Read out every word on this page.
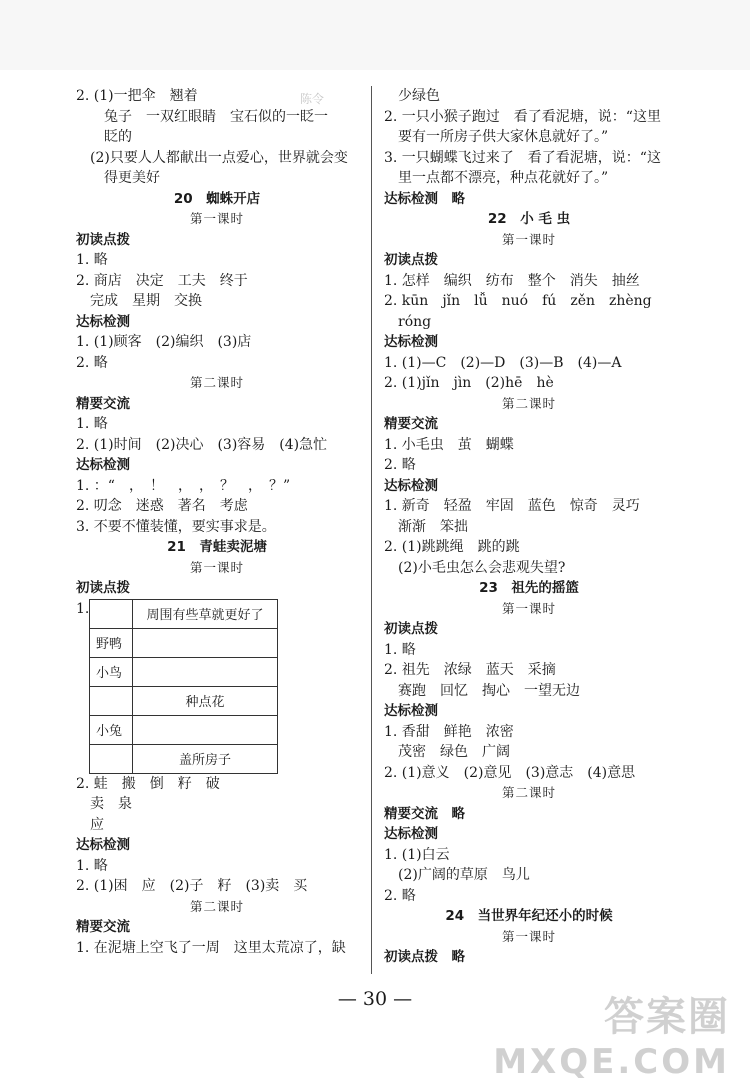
陈令
2. (1)一把伞　翘着
兔子　一双红眼睛　宝石似的一眨一
眨的
(2)只要人人都献出一点爱心，世界就会变
得更美好
20　蜘蛛开店
第一课时
初读点拨
1. 略
2. 商店　决定　工夫　终于
完成　星期　交换
达标检测
1. (1)顾客　(2)编织　(3)店
2. 略
第二课时
精要交流
1. 略
2. (1)时间　(2)决心　(3)容易　(4)急忙
达标检测
1. ：“　，　！　，　，　？　，　？”
2. 叨念　迷惑　著名　考虑
3. 不要不懂装懂，要实事求是。
21　青蛙卖泥塘
第一课时
初读点拨
1.
		周围有些草就更好了
野鸭	
小鸟	
	种点花
小兔	
	盖所房子
2. 蛙　搬　倒　籽　破
卖　泉
应
达标检测
1. 略
2. (1)困　应　(2)子　籽　(3)卖　买
第二课时
精要交流
1. 在泥塘上空飞了一周　这里太荒凉了，缺
少绿色
2. 一只小猴子跑过　看了看泥塘，说：“这里
要有一所房子供大家休息就好了。”
3. 一只蝴蝶飞过来了　看了看泥塘，说：“这
里一点都不漂亮，种点花就好了。”
达标检测　略
22　小 毛 虫
第一课时
初读点拨
1. 怎样　编织　纺布　整个　消失　抽丝
2. kūn　jǐn　lǚ　nuó　fú　zěn　zhèng
róng
达标检测
1. (1)—C　(2)—D　(3)—B　(4)—A
2. (1)jǐn　jìn　(2)hē　hè
第二课时
精要交流
1. 小毛虫　茧　蝴蝶
2. 略
达标检测
1. 新奇　轻盈　牢固　蓝色　惊奇　灵巧
渐渐　笨拙
2. (1)跳跳绳　跳的跳
(2)小毛虫怎么会悲观失望?
23　祖先的摇篮
第一课时
初读点拨
1. 略
2. 祖先　浓绿　蓝天　采摘
赛跑　回忆　掏心　一望无边
达标检测
1. 香甜　鲜艳　浓密
茂密　绿色　广阔
2. (1)意义　(2)意见　(3)意志　(4)意思
第二课时
精要交流　略
达标检测
1. (1)白云
(2)广阔的草原　鸟儿
2. 略
24　当世界年纪还小的时候
第一课时
初读点拨　略
— 30 —	答案圈
MXQE.COM
